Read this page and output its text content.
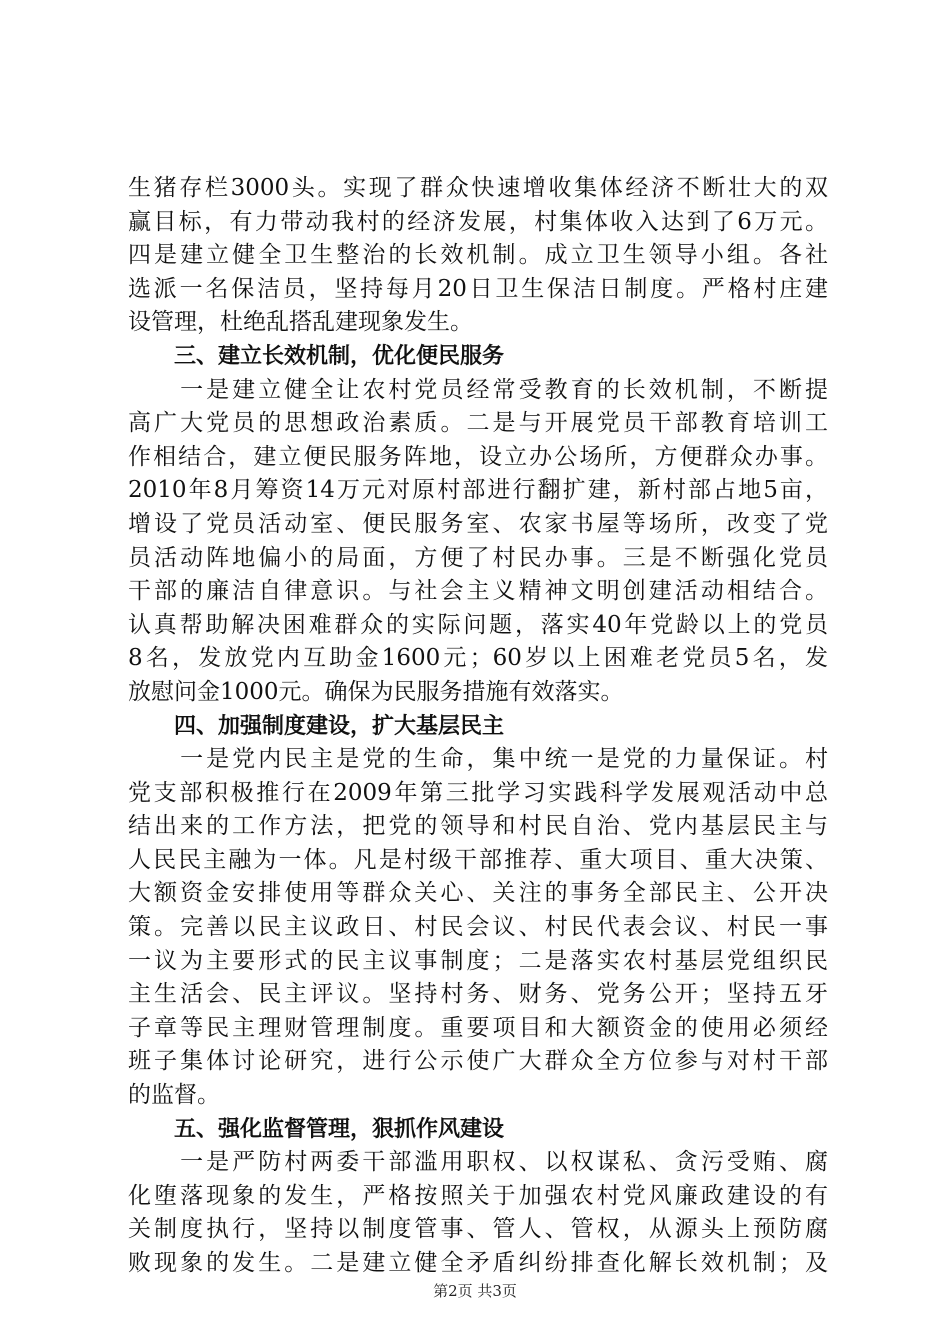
生猪存栏3000头。实现了群众快速增收集体经济不断壮大的双
赢目标，有力带动我村的经济发展，村集体收入达到了6万元。
四是建立健全卫生整治的长效机制。成立卫生领导小组。各社
选派一名保洁员，坚持每月20日卫生保洁日制度。严格村庄建
设管理，杜绝乱搭乱建现象发生。
三、建立长效机制，优化便民服务
　　一是建立健全让农村党员经常受教育的长效机制，不断提
高广大党员的思想政治素质。二是与开展党员干部教育培训工
作相结合，建立便民服务阵地，设立办公场所，方便群众办事。
2010年8月筹资14万元对原村部进行翻扩建，新村部占地5亩，
增设了党员活动室、便民服务室、农家书屋等场所，改变了党
员活动阵地偏小的局面，方便了村民办事。三是不断强化党员
干部的廉洁自律意识。与社会主义精神文明创建活动相结合。
认真帮助解决困难群众的实际问题，落实40年党龄以上的党员
8名，发放党内互助金1600元；60岁以上困难老党员5名，发
放慰问金1000元。确保为民服务措施有效落实。
四、加强制度建设，扩大基层民主
　　一是党内民主是党的生命，集中统一是党的力量保证。村
党支部积极推行在2009年第三批学习实践科学发展观活动中总
结出来的工作方法，把党的领导和村民自治、党内基层民主与
人民民主融为一体。凡是村级干部推荐、重大项目、重大决策、
大额资金安排使用等群众关心、关注的事务全部民主、公开决
策。完善以民主议政日、村民会议、村民代表会议、村民一事
一议为主要形式的民主议事制度；二是落实农村基层党组织民
主生活会、民主评议。坚持村务、财务、党务公开；坚持五牙
子章等民主理财管理制度。重要项目和大额资金的使用必须经
班子集体讨论研究，进行公示使广大群众全方位参与对村干部
的监督。
五、强化监督管理，狠抓作风建设
　　一是严防村两委干部滥用职权、以权谋私、贪污受贿、腐
化堕落现象的发生，严格按照关于加强农村党风廉政建设的有
关制度执行，坚持以制度管事、管人、管权，从源头上预防腐
败现象的发生。二是建立健全矛盾纠纷排查化解长效机制；及
第2页 共3页
